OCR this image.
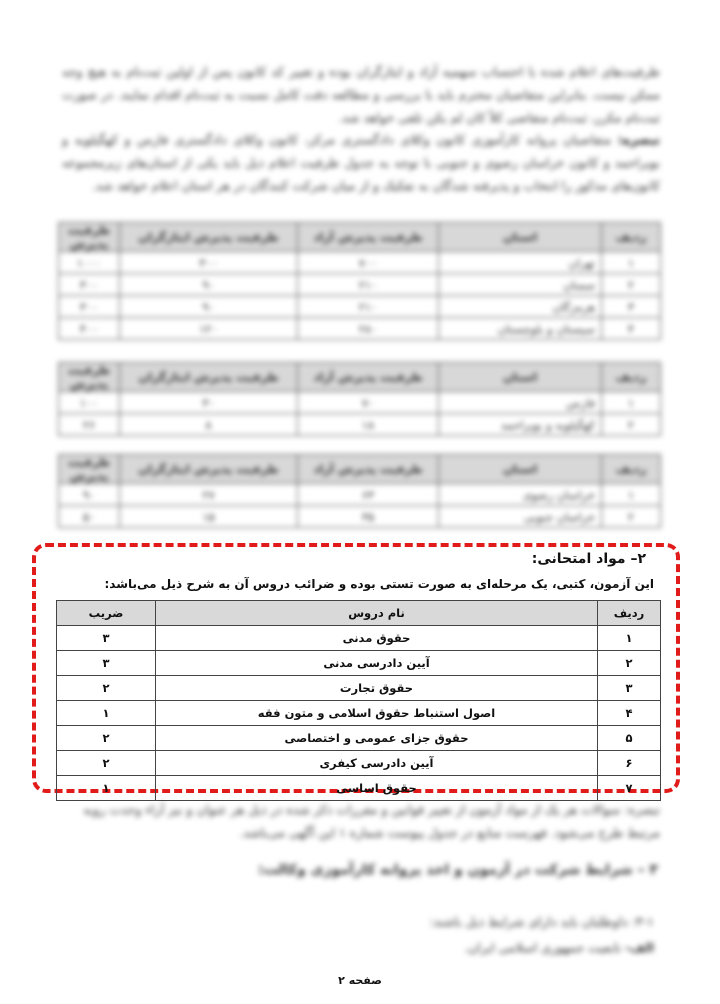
ظرفیت‌های اعلام شده با احتساب سهمیه آزاد و ایثارگران بوده و تغییر کد کانون پس از اولین ثبت‌نام به هیچ وجه ممکن نیست. بنابراین متقاضیان محترم باید با بررسی و مطالعه دقت کامل نسبت به ثبت‌نام اقدام نمایند. در صورت ثبت‌نام مکرر، ثبت‌نام متقاضی کلاً کان لم یکن تلقی خواهد شد.
تبصره: متقاضیان پروانه کارآموزی کانون وکلای دادگستری مرکز، کانون وکلای دادگستری فارس و کهگیلویه و بویراحمد و کانون خراسان رضوی و جنوبی با توجه به جدول ظرفیت اعلام ذیل باید یکی از استان‌های زیرمجموعه کانون‌های مذکور را انتخاب و پذیرفته شدگان به تفکیک و از میان شرکت کنندگان در هر استان اعلام خواهد شد.
ردیف	استان	ظرفیت پذیرش آزاد	ظرفیت پذیرش ایثارگران	ظرفیت پذیرش
۱	تهران	۷۰۰	۳۰۰	۱۰۰۰
۲	سمنان	۲۱۰	۹۰	۳۰۰
۳	هرمزگان	۲۱۰	۹۰	۳۰۰
۴	سیستان و بلوچستان	۲۸۰	۱۲۰	۴۰۰
ردیف	استان	ظرفیت پذیرش آزاد	ظرفیت پذیرش ایثارگران	ظرفیت پذیرش
۱	فارس	۷۰	۳۰	۱۰۰
۲	کهگیلویه و بویراحمد	۱۸	۸	۲۶
ردیف	استان	ظرفیت پذیرش آزاد	ظرفیت پذیرش ایثارگران	ظرفیت پذیرش
۱	خراسان رضوی	۶۳	۲۷	۹۰
۲	خراسان جنوبی	۳۵	۱۵	۵۰
۲– مواد امتحانی:
این آزمون، کتبی، یک مرحله‌ای به صورت تستی بوده و ضرائب دروس آن به شرح ذیل می‌باشد:
ردیف	نام دروس	ضریب
۱	حقوق مدنی	۳
۲	آیین دادرسی مدنی	۳
۳	حقوق تجارت	۲
۴	اصول استنباط حقوق اسلامی و متون فقه	۱
۵	حقوق جزای عمومی و اختصاصی	۲
۶	آیین دادرسی کیفری	۲
۷	حقوق اساسی	۱
تبصره: سوالات هر یک از مواد آزمون از تغییر قوانین و مقررات ذکر شده در ذیل هر عنوان و نیز آراء وحدت رویه مرتبط طرح می‌شود. فهرست منابع در جدول پیوست شماره ۱ این آگهی می‌باشد.
۳ – شرایط شرکت در آزمون و اخذ پروانه کارآموزی وکالت:
۳-۱: داوطلبان باید دارای شرایط ذیل باشند:
الف- تابعیت جمهوری اسلامی ایران.
صفحه ۲
